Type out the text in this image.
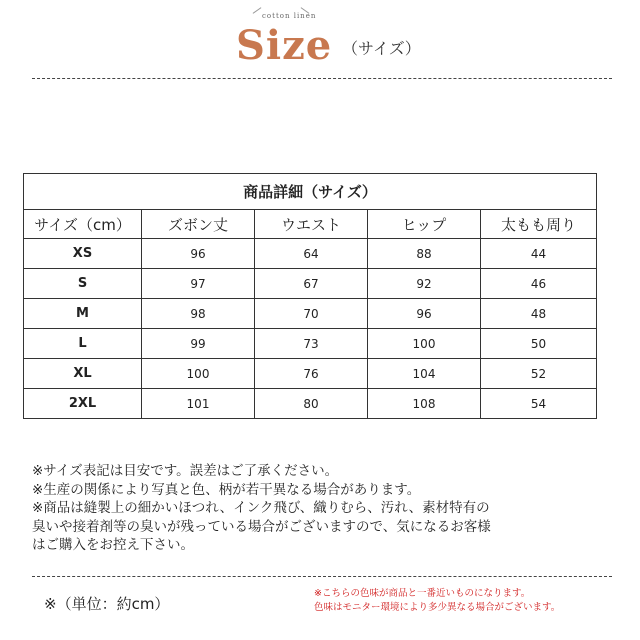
cotton linen
Size （サイズ）
商品詳細（サイズ）				
サイズ（cm）	ズボン丈	ウエスト	ヒップ	太もも周り
XS	96	64	88	44
S	97	67	92	46
M	98	70	96	48
L	99	73	100	50
XL	100	76	104	52
2XL	101	80	108	54
※サイズ表記は目安です。誤差はご了承ください。
※生産の関係により写真と色、柄が若干異なる場合があります。
※商品は縫製上の細かいほつれ、インク飛び、織りむら、汚れ、素材特有の
臭いや接着剤等の臭いが残っている場合がございますので、気になるお客様
はご購入をお控え下さい。
※（単位：約cm）
※こちらの色味が商品と一番近いものになります。
色味はモニター環境により多少異なる場合がございます。
